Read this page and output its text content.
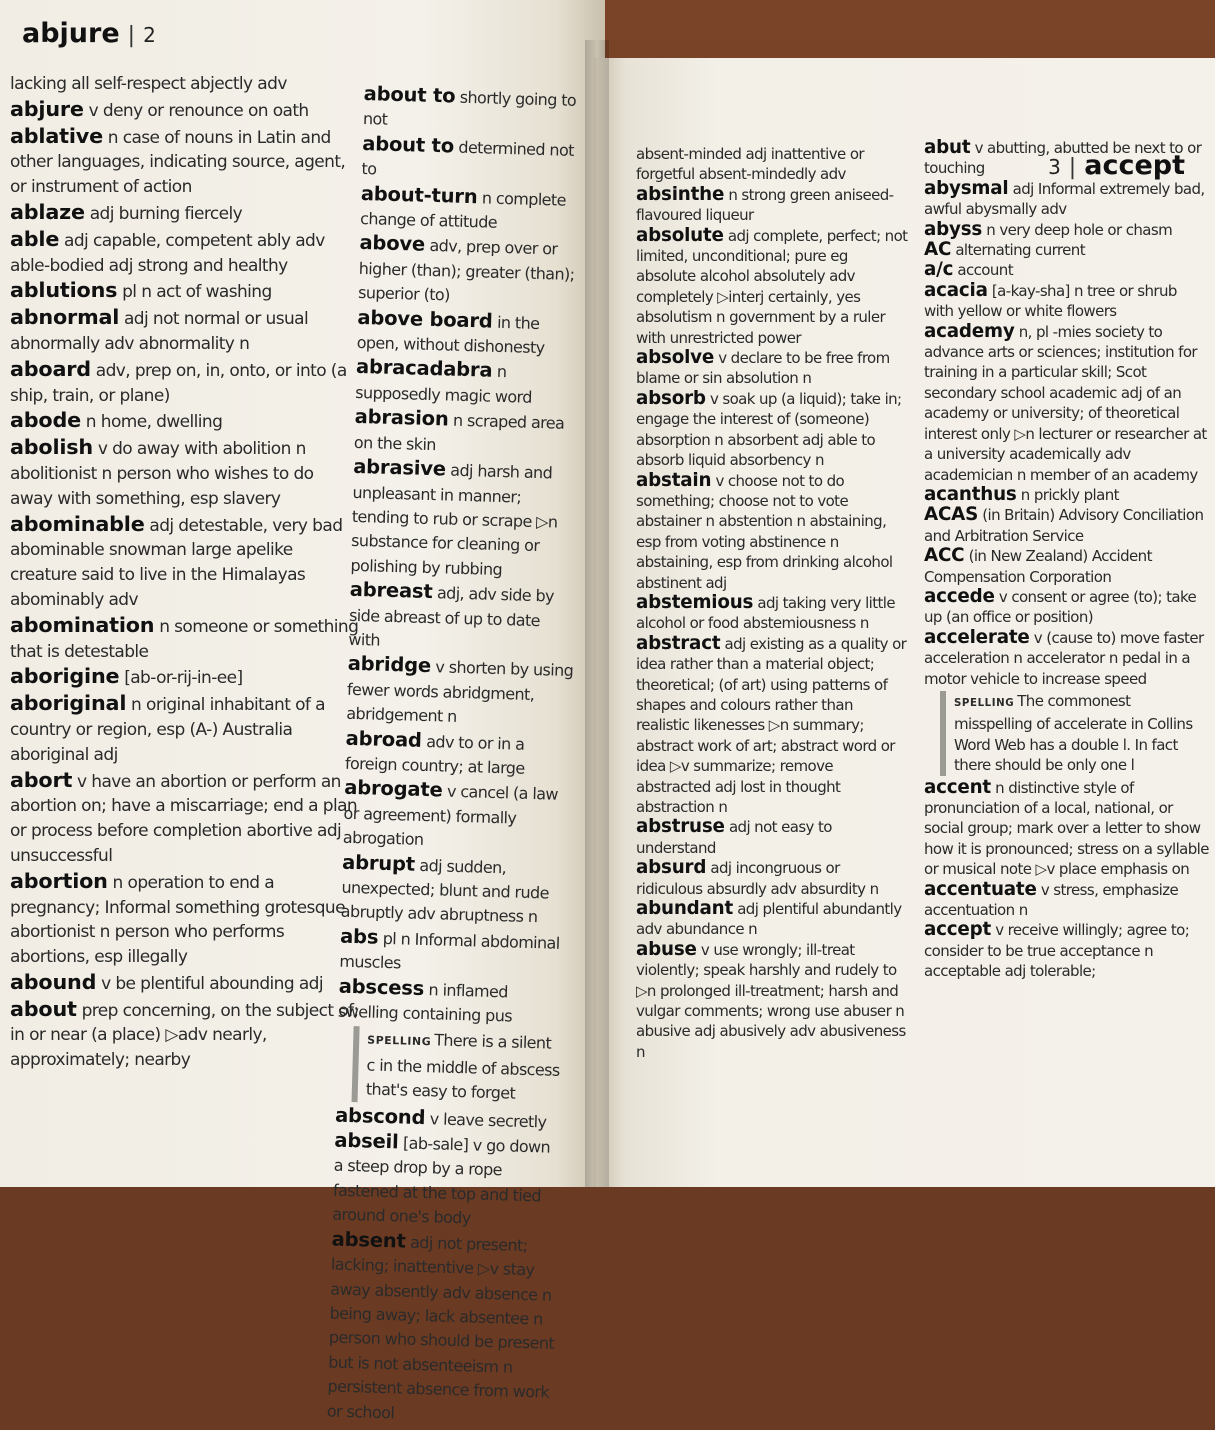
abjure | 2

lacking all self-respect abjectly adv

abjure v deny or renounce on oath

ablative n case of nouns in Latin and other languages, indicating source, agent, or instrument of action

ablaze adj burning fiercely

able adj capable, competent ably adv able-bodied adj strong and healthy

ablutions pl n act of washing

abnormal adj not normal or usual abnormally adv abnormality n

aboard adv, prep on, in, onto, or into (a ship, train, or plane)

abode n home, dwelling

abolish v do away with abolition n abolitionist n person who wishes to do away with something, esp slavery

abominable adj detestable, very bad abominable snowman large apelike creature said to live in the Himalayas abominably adv

abomination n someone or something that is detestable

aborigine [ab-or-rij-in-ee]

aboriginal n original inhabitant of a country or region, esp (A-) Australia aboriginal adj

abort v have an abortion or perform an abortion on; have a miscarriage; end a plan or process before completion abortive adj unsuccessful

abortion n operation to end a pregnancy; Informal something grotesque abortionist n person who performs abortions, esp illegally

abound v be plentiful abounding adj

about prep concerning, on the subject of; in or near (a place) ▷adv nearly, approximately; nearby

about to shortly going to not

about to determined not to

about-turn n complete change of attitude

above adv, prep over or higher (than); greater (than); superior (to)

above board in the open, without dishonesty

abracadabra n supposedly magic word

abrasion n scraped area on the skin

abrasive adj harsh and unpleasant in manner; tending to rub or scrape ▷n substance for cleaning or polishing by rubbing

abreast adj, adv side by side abreast of up to date with

abridge v shorten by using fewer words abridgment, abridgement n

abroad adv to or in a foreign country; at large

abrogate v cancel (a law or agreement) formally abrogation

abrupt adj sudden, unexpected; blunt and rude abruptly adv abruptness n

abs pl n Informal abdominal muscles

abscess n inflamed swelling containing pus

SPELLING There is a silent c in the middle of abscess that's easy to forget

abscond v leave secretly

abseil [ab-sale] v go down a steep drop by a rope fastened at the top and tied around one's body

absent adj not present; lacking; inattentive ▷v stay away absently adv absence n being away; lack absentee n person who should be present but is not absenteeism n persistent absence from work or school

3 | accept

absent-minded adj inattentive or forgetful absent-mindedly adv

absinthe n strong green aniseed-flavoured liqueur

absolute adj complete, perfect; not limited, unconditional; pure eg absolute alcohol absolutely adv completely ▷interj certainly, yes absolutism n government by a ruler with unrestricted power

absolve v declare to be free from blame or sin absolution n

absorb v soak up (a liquid); take in; engage the interest of (someone) absorption n absorbent adj able to absorb liquid absorbency n

abstain v choose not to do something; choose not to vote abstainer n abstention n abstaining, esp from voting abstinence n abstaining, esp from drinking alcohol abstinent adj

abstemious adj taking very little alcohol or food abstemiousness n

abstract adj existing as a quality or idea rather than a material object; theoretical; (of art) using patterns of shapes and colours rather than realistic likenesses ▷n summary; abstract work of art; abstract word or idea ▷v summarize; remove abstracted adj lost in thought abstraction n

abstruse adj not easy to understand

absurd adj incongruous or ridiculous absurdly adv absurdity n

abundant adj plentiful abundantly adv abundance n

abuse v use wrongly; ill-treat violently; speak harshly and rudely to ▷n prolonged ill-treatment; harsh and vulgar comments; wrong use abuser n abusive adj abusively adv abusiveness n

abut v abutting, abutted be next to or touching

abysmal adj Informal extremely bad, awful abysmally adv

abyss n very deep hole or chasm

AC alternating current

a/c account

acacia [a-kay-sha] n tree or shrub with yellow or white flowers

academy n, pl -mies society to advance arts or sciences; institution for training in a particular skill; Scot secondary school academic adj of an academy or university; of theoretical interest only ▷n lecturer or researcher at a university academically adv academician n member of an academy

acanthus n prickly plant

ACAS (in Britain) Advisory Conciliation and Arbitration Service

ACC (in New Zealand) Accident Compensation Corporation

accede v consent or agree (to); take up (an office or position)

accelerate v (cause to) move faster acceleration n accelerator n pedal in a motor vehicle to increase speed

SPELLING The commonest misspelling of accelerate in Collins Word Web has a double l. In fact there should be only one l

accent n distinctive style of pronunciation of a local, national, or social group; mark over a letter to show how it is pronounced; stress on a syllable or musical note ▷v place emphasis on

accentuate v stress, emphasize accentuation n

accept v receive willingly; agree to; consider to be true acceptance n acceptable adj tolerable;
